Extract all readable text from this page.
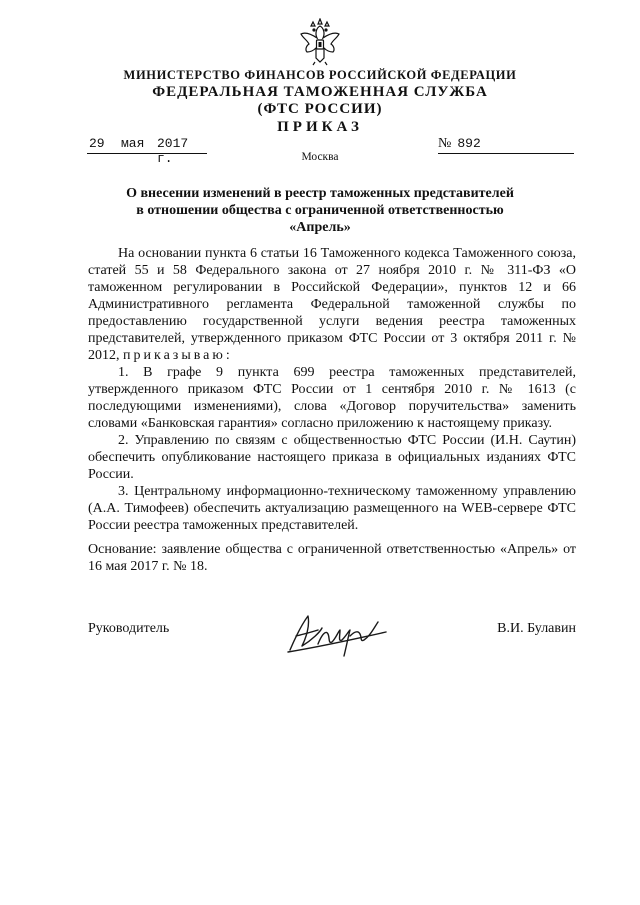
МИНИСТЕРСТВО ФИНАНСОВ РОССИЙСКОЙ ФЕДЕРАЦИИ
ФЕДЕРАЛЬНАЯ ТАМОЖЕННАЯ СЛУЖБА
(ФТС РОССИИ)
ПРИКАЗ
29 мая 2017 г.
№ 892
Москва
О внесении изменений в реестр таможенных представителей
в отношении общества с ограниченной ответственностью
«Апрель»

На основании пункта 6 статьи 16 Таможенного кодекса Таможенного союза, статей 55 и 58 Федерального закона от 27 ноября 2010 г. № 311-ФЗ «О таможенном регулировании в Российской Федерации», пунктов 12 и 66 Административного регламента Федеральной таможенной службы по предоставлению государственной услуги ведения реестра таможенных представителей, утвержденного приказом ФТС России от 3 октября 2011 г. № 2012, приказываю:

1. В графе 9 пункта 699 реестра таможенных представителей, утвержденного приказом ФТС России от 1 сентября 2010 г. № 1613 (с последующими изменениями), слова «Договор поручительства» заменить словами «Банковская гарантия» согласно приложению к настоящему приказу.

2. Управлению по связям с общественностью ФТС России (И.Н. Саутин) обеспечить опубликование настоящего приказа в официальных изданиях ФТС России.

3. Центральному информационно-техническому таможенному управлению (А.А. Тимофеев) обеспечить актуализацию размещенного на WEB-сервере ФТС России реестра таможенных представителей.

Основание: заявление общества с ограниченной ответственностью «Апрель» от 16 мая 2017 г. № 18.

Руководитель	В.И. Булавин
